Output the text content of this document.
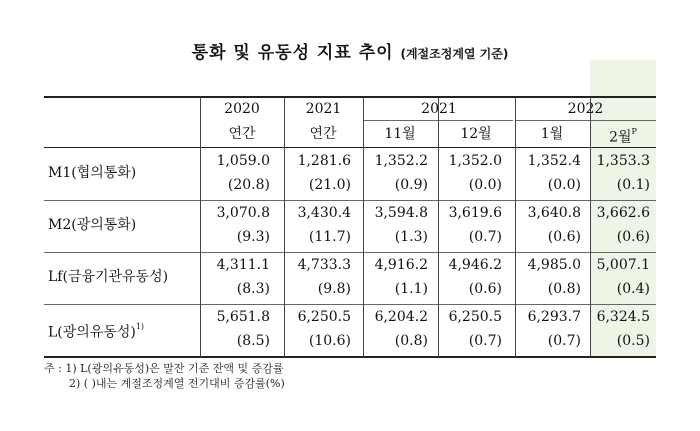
통화 및 유동성 지표 추이 (계절조정계열 기준)
주 : 1) L(광의유동성)은 말잔 기준 잔액 및 증감률
2) ( )내는 계절조정계열 전기대비 증감률(%)
2020	2021	2021	2022
연간	연간	11월	12월	1월	2월$^P$
M1(협의통화)
1,059.0	1,281.6	1,352.2	1,352.0	1,352.4	1,353.3
(20.8)	(21.0)	(0.9)	(0.0)	(0.0)	(0.1)
M2(광의통화)
3,070.8	3,430.4	3,594.8	3,619.6	3,640.8	3,662.6
(9.3)	(11.7)	(1.3)	(0.7)	(0.6)	(0.6)
Lf(금융기관유동성)
4,311.1	4,733.3	4,916.2	4,946.2	4,985.0	5,007.1
(8.3)	(9.8)	(1.1)	(0.6)	(0.8)	(0.4)
L(광의유동성)$^{1)}$
5,651.8	6,250.5	6,204.2	6,250.5	6,293.7	6,324.5
(8.5)	(10.6)	(0.8)	(0.7)	(0.7)	(0.5)
